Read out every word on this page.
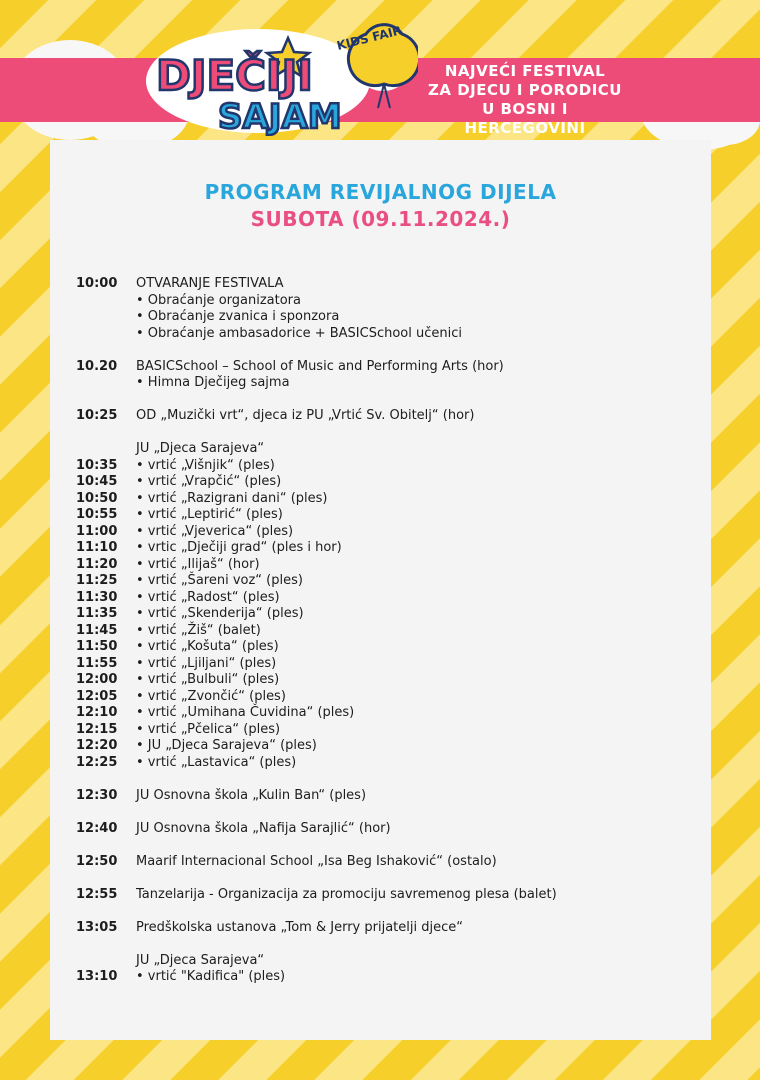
KIDS FAIR
DJEČIJI
SAJAM
NAJVEĆI FESTIVAL
ZA DJECU I PORODICU
U BOSNI I HERCEGOVINI
PROGRAM REVIJALNOG DIJELA
SUBOTA (09.11.2024.)
10:00	OTVARANJE FESTIVALA
• Obraćanje organizatora
• Obraćanje zvanica i sponzora
• Obraćanje ambasadorice + BASICSchool učenici
10.20	BASICSchool – School of Music and Performing Arts (hor)
• Himna Dječijeg sajma
10:25	OD „Muzički vrt“, djeca iz PU „Vrtić Sv. Obitelj“ (hor)
JU „Djeca Sarajeva“
10:35	• vrtić „Višnjik“ (ples)
10:45	• vrtić „Vrapčić“ (ples)
10:50	• vrtić „Razigrani dani“ (ples)
10:55	• vrtić „Leptirić“ (ples)
11:00	• vrtić „Vjeverica“ (ples)
11:10	• vrtic „Dječiji grad“ (ples i hor)
11:20	• vrtić „Ilijaš“ (hor)
11:25	• vrtić „Šareni voz“ (ples)
11:30	• vrtić „Radost“ (ples)
11:35	• vrtić „Skenderija“ (ples)
11:45	• vrtić „Žiš“ (balet)
11:50	• vrtić „Košuta“ (ples)
11:55	• vrtić „Ljiljani“ (ples)
12:00	• vrtić „Bulbuli“ (ples)
12:05	• vrtić „Zvončić“ (ples)
12:10	• vrtić „Umihana Čuvidina“ (ples)
12:15	• vrtić „Pčelica“ (ples)
12:20	• JU „Djeca Sarajeva“ (ples)
12:25	• vrtić „Lastavica“ (ples)
12:30	JU Osnovna škola „Kulin Ban“ (ples)
12:40	JU Osnovna škola „Nafija Sarajlić“ (hor)
12:50	Maarif Internacional School „Isa Beg Ishaković“ (ostalo)
12:55	Tanzelarija - Organizacija za promociju savremenog plesa (balet)
13:05	Predškolska ustanova „Tom & Jerry prijatelji djece“
JU „Djeca Sarajeva“
13:10	• vrtić "Kadifica" (ples)
